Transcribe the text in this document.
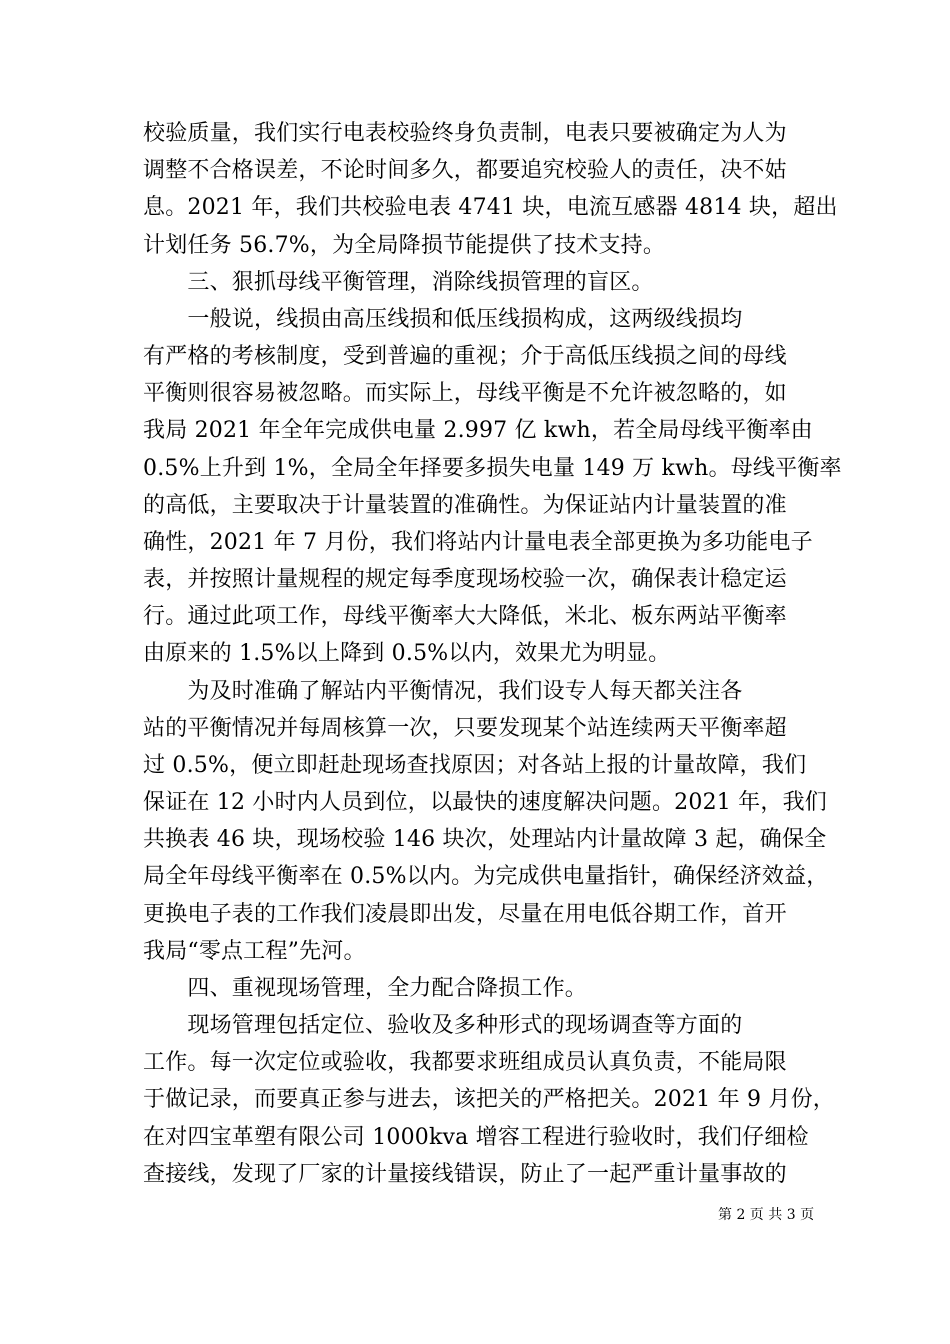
校验质量，我们实行电表校验终身负责制，电表只要被确定为人为
调整不合格误差，不论时间多久，都要追究校验人的责任，决不姑
息。2021 年，我们共校验电表 4741 块，电流互感器 4814 块，超出
计划任务 56.7%，为全局降损节能提供了技术支持。
　　三、狠抓母线平衡管理，消除线损管理的盲区。
　　一般说，线损由高压线损和低压线损构成，这两级线损均
有严格的考核制度，受到普遍的重视；介于高低压线损之间的母线
平衡则很容易被忽略。而实际上，母线平衡是不允许被忽略的，如
我局 2021 年全年完成供电量 2.997 亿 kwh，若全局母线平衡率由
0.5%上升到 1%，全局全年择要多损失电量 149 万 kwh。母线平衡率
的高低，主要取决于计量装置的准确性。为保证站内计量装置的准
确性，2021 年 7 月份，我们将站内计量电表全部更换为多功能电子
表，并按照计量规程的规定每季度现场校验一次，确保表计稳定运
行。通过此项工作，母线平衡率大大降低，米北、板东两站平衡率
由原来的 1.5%以上降到 0.5%以内，效果尤为明显。
　　为及时准确了解站内平衡情况，我们设专人每天都关注各
站的平衡情况并每周核算一次，只要发现某个站连续两天平衡率超
过 0.5%，便立即赶赴现场查找原因；对各站上报的计量故障，我们
保证在 12 小时内人员到位，以最快的速度解决问题。2021 年，我们
共换表 46 块，现场校验 146 块次，处理站内计量故障 3 起，确保全
局全年母线平衡率在 0.5%以内。为完成供电量指针，确保经济效益，
更换电子表的工作我们凌晨即出发，尽量在用电低谷期工作，首开
我局“零点工程”先河。
　　四、重视现场管理，全力配合降损工作。
　　现场管理包括定位、验收及多种形式的现场调查等方面的
工作。每一次定位或验收，我都要求班组成员认真负责，不能局限
于做记录，而要真正参与进去，该把关的严格把关。2021 年 9 月份，
在对四宝革塑有限公司 1000kva 增容工程进行验收时，我们仔细检
查接线，发现了厂家的计量接线错误，防止了一起严重计量事故的
第 2 页 共 3 页
